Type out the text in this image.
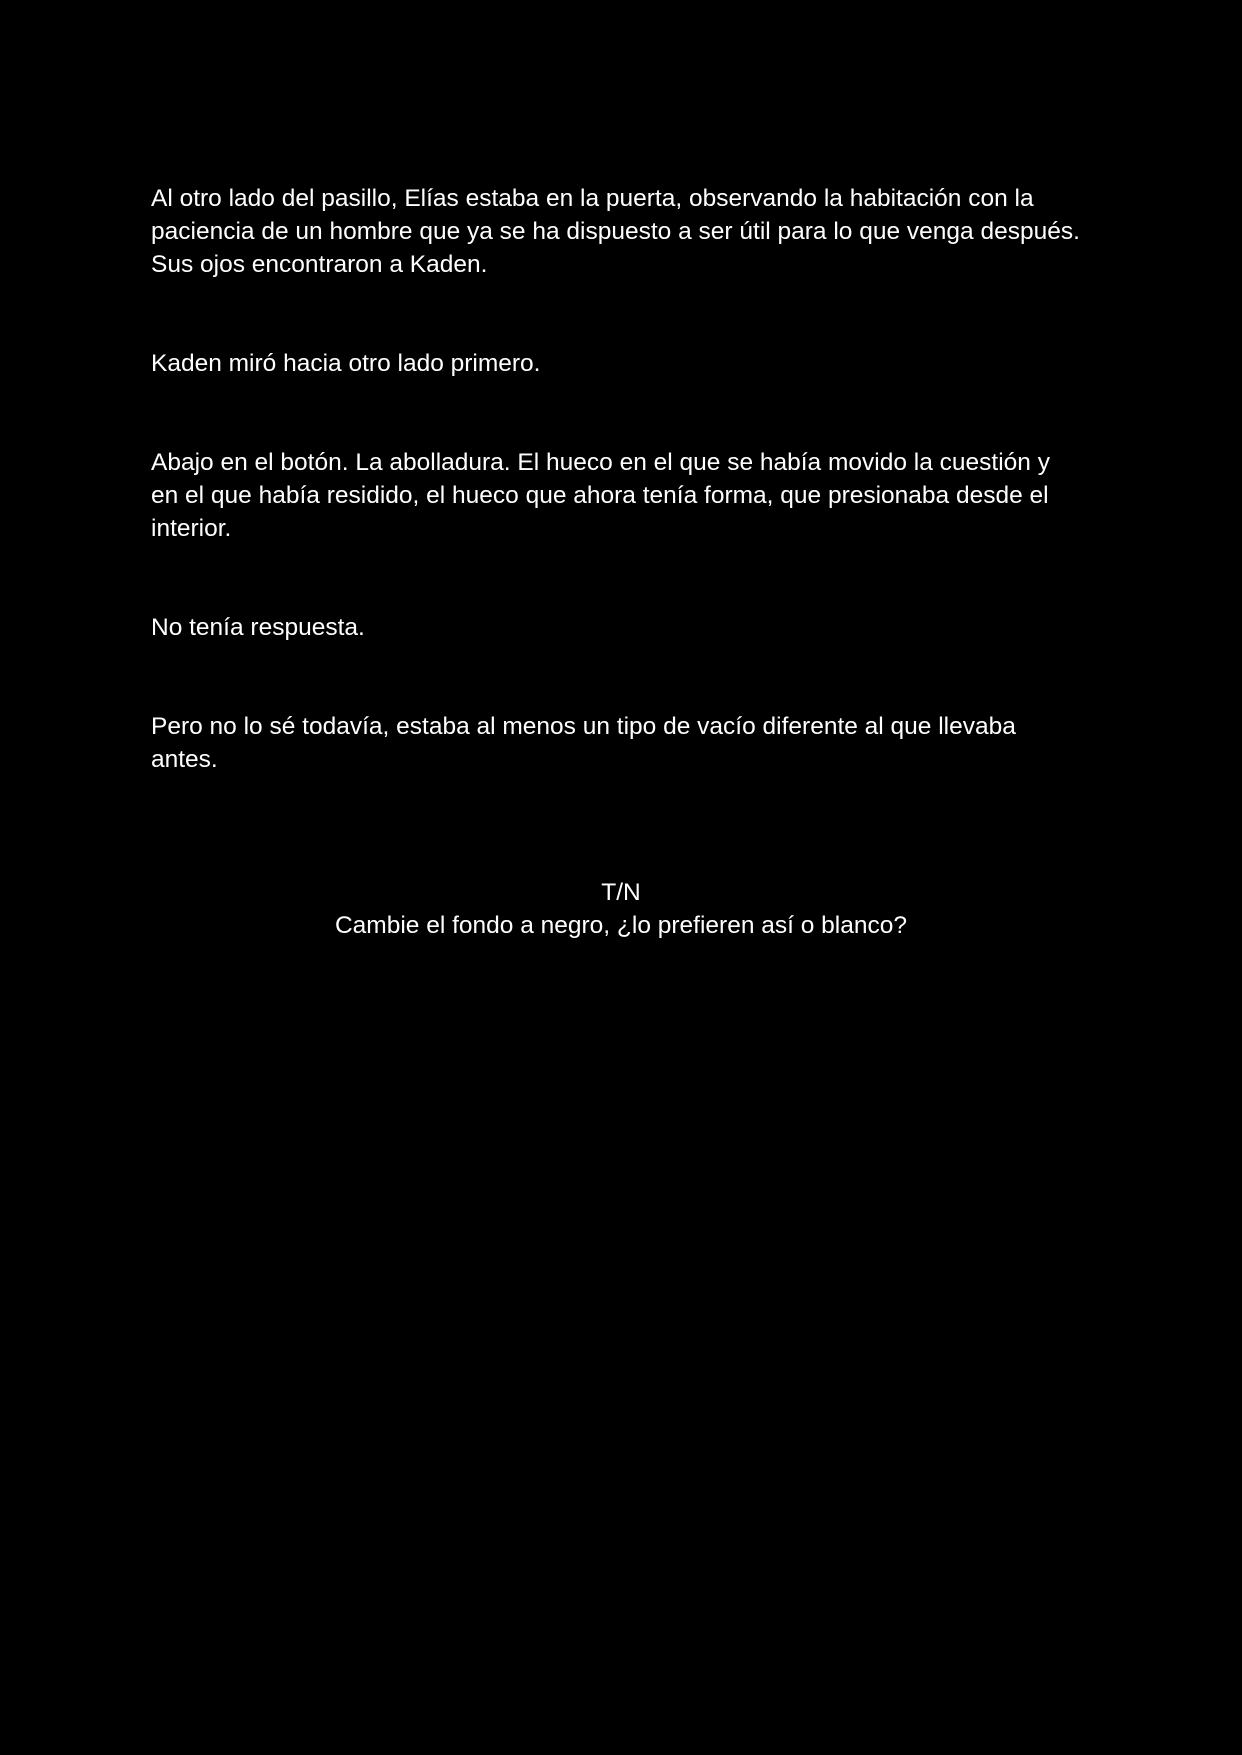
Al otro lado del pasillo, Elías estaba en la puerta, observando la habitación con la paciencia de un hombre que ya se ha dispuesto a ser útil para lo que venga después. Sus ojos encontraron a Kaden.

Kaden miró hacia otro lado primero.

Abajo en el botón. La abolladura. El hueco en el que se había movido la cuestión y en el que había residido, el hueco que ahora tenía forma, que presionaba desde el interior.

No tenía respuesta.

Pero no lo sé todavía, estaba al menos un tipo de vacío diferente al que llevaba antes.

T/N
Cambie el fondo a negro, ¿lo prefieren así o blanco?
